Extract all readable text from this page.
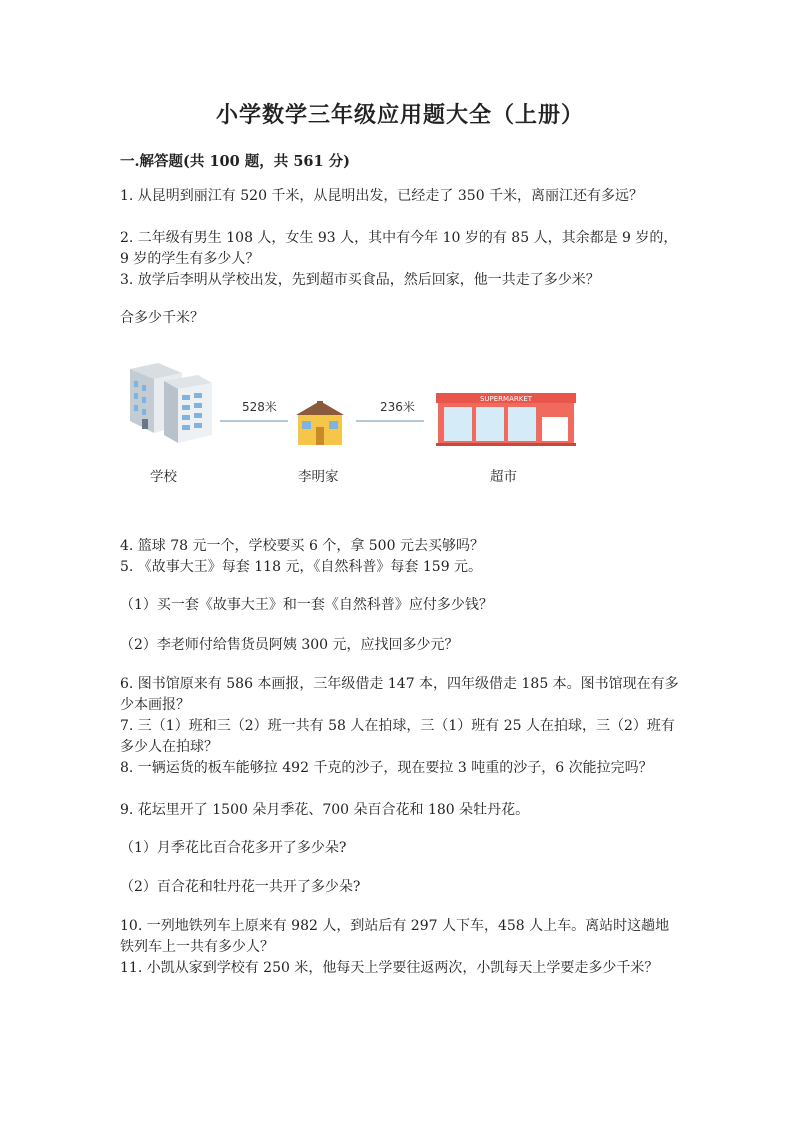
小学数学三年级应用题大全（上册）
一.解答题(共 100 题，共 561 分)

1. 从昆明到丽江有 520 千米，从昆明出发，已经走了 350 千米，离丽江还有多远？

2. 二年级有男生 108 人，女生 93 人，其中有今年 10 岁的有 85 人，其余都是 9 岁的，9 岁的学生有多少人？

3. 放学后李明从学校出发，先到超市买食品，然后回家，他一共走了多少米？

合多少千米？

SUPERMARKET
528米	236米
学校	李明家	超市

4. 篮球 78 元一个，学校要买 6 个，拿 500 元去买够吗？

5. 《故事大王》每套 118 元，《自然科普》每套 159 元。

（1）买一套《故事大王》和一套《自然科普》应付多少钱？

（2）李老师付给售货员阿姨 300 元，应找回多少元？

6. 图书馆原来有 586 本画报，三年级借走 147 本，四年级借走 185 本。图书馆现在有多少本画报？

7. 三（1）班和三（2）班一共有 58 人在拍球，三（1）班有 25 人在拍球，三（2）班有多少人在拍球？

8. 一辆运货的板车能够拉 492 千克的沙子，现在要拉 3 吨重的沙子，6 次能拉完吗？

9. 花坛里开了 1500 朵月季花、700 朵百合花和 180 朵牡丹花。

（1）月季花比百合花多开了多少朵?

（2）百合花和牡丹花一共开了多少朵?

10. 一列地铁列车上原来有 982 人，到站后有 297 人下车，458 人上车。离站时这趟地铁列车上一共有多少人？

11. 小凯从家到学校有 250 米，他每天上学要往返两次，小凯每天上学要走多少千米？
